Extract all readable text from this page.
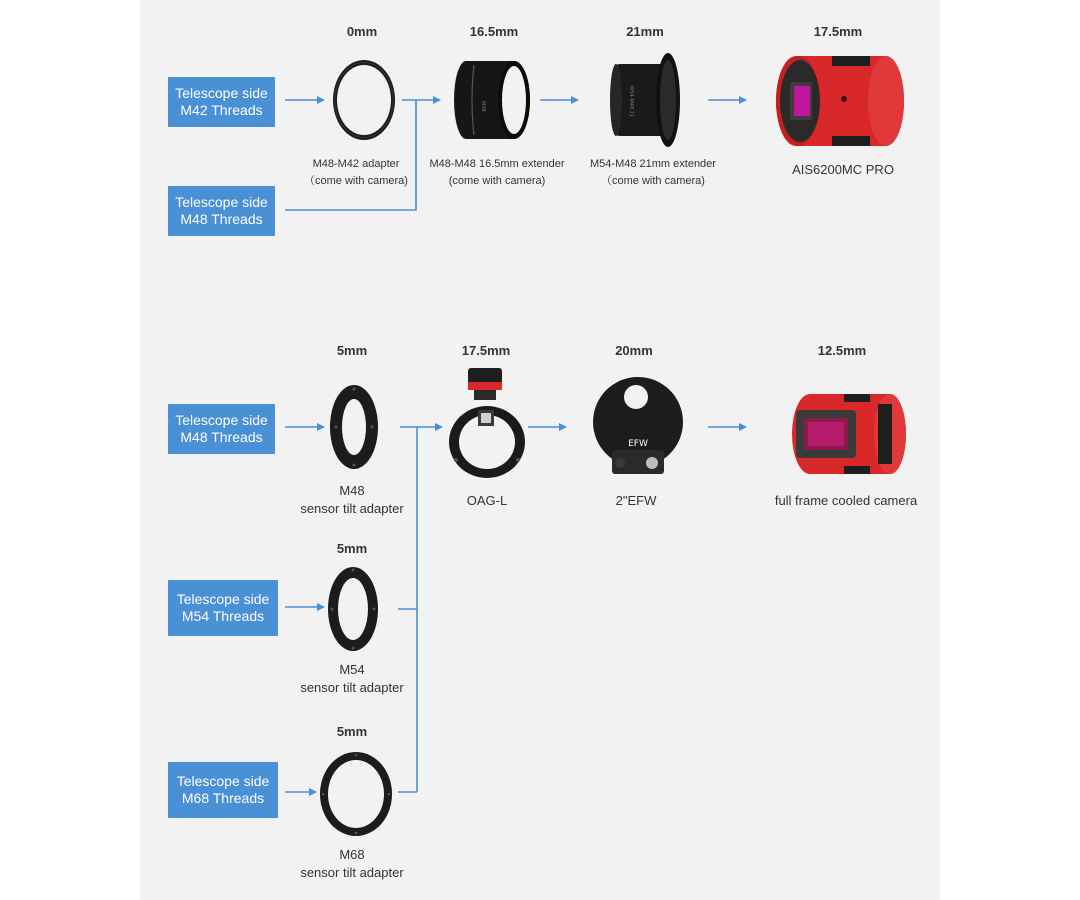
Telescope side
M42 Threads
Telescope side
M48 Threads
0mm	16.5mm	21mm	17.5mm
M48-M42 adapter
（come with camera)
M48
M48-M48 16.5mm extender
(come with camera)
M54-M48 21
M54-M48 21mm extender
（come with camera)
AIS6200MC PRO
Telescope side
M48 Threads
Telescope side
M54 Threads
Telescope side
M68 Threads
5mm	17.5mm	20mm	12.5mm
5mm
5mm
M48
sensor tilt adapter
M54
sensor tilt adapter
M68
sensor tilt adapter
OAG-L
EFW
2"EFW	full frame cooled camera
